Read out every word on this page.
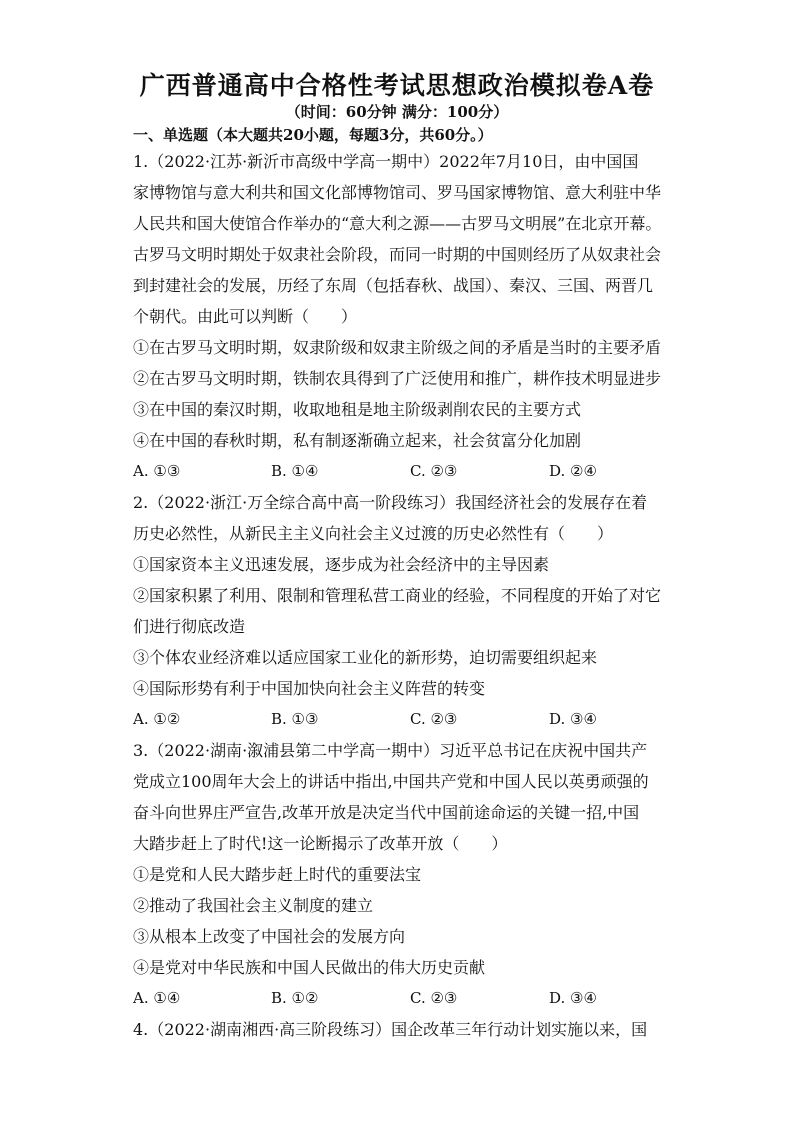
广西普通高中合格性考试思想政治模拟卷A卷
（时间：60分钟 满分：100分）
一、单选题（本大题共20小题，每题3分，共60分。）
1.（2022·江苏·新沂市高级中学高一期中）2022年7月10日，由中国国
家博物馆与意大利共和国文化部博物馆司、罗马国家博物馆、意大利驻中华
人民共和国大使馆合作举办的“意大利之源——古罗马文明展”在北京开幕。
古罗马文明时期处于奴隶社会阶段，而同一时期的中国则经历了从奴隶社会
到封建社会的发展，历经了东周（包括春秋、战国）、秦汉、三国、两晋几
个朝代。由此可以判断（　　）
①在古罗马文明时期，奴隶阶级和奴隶主阶级之间的矛盾是当时的主要矛盾
②在古罗马文明时期，铁制农具得到了广泛使用和推广，耕作技术明显进步
③在中国的秦汉时期，收取地租是地主阶级剥削农民的主要方式
④在中国的春秋时期，私有制逐渐确立起来，社会贫富分化加剧
A. ①③	B. ①④	C. ②③	D. ②④
2.（2022·浙江·万全综合高中高一阶段练习）我国经济社会的发展存在着
历史必然性，从新民主主义向社会主义过渡的历史必然性有（　　）
①国家资本主义迅速发展，逐步成为社会经济中的主导因素
②国家积累了利用、限制和管理私营工商业的经验，不同程度的开始了对它
们进行彻底改造
③个体农业经济难以适应国家工业化的新形势，迫切需要组织起来
④国际形势有利于中国加快向社会主义阵营的转变
A. ①②	B. ①③	C. ②③	D. ③④
3.（2022·湖南·溆浦县第二中学高一期中）习近平总书记在庆祝中国共产
党成立100周年大会上的讲话中指出,中国共产党和中国人民以英勇顽强的
奋斗向世界庄严宣告,改革开放是决定当代中国前途命运的关键一招,中国
大踏步赶上了时代!这一论断揭示了改革开放（　　）
①是党和人民大踏步赶上时代的重要法宝
②推动了我国社会主义制度的建立
③从根本上改变了中国社会的发展方向
④是党对中华民族和中国人民做出的伟大历史贡献
A. ①④	B. ①②	C. ②③	D. ③④
4.（2022·湖南湘西·高三阶段练习）国企改革三年行动计划实施以来，国
